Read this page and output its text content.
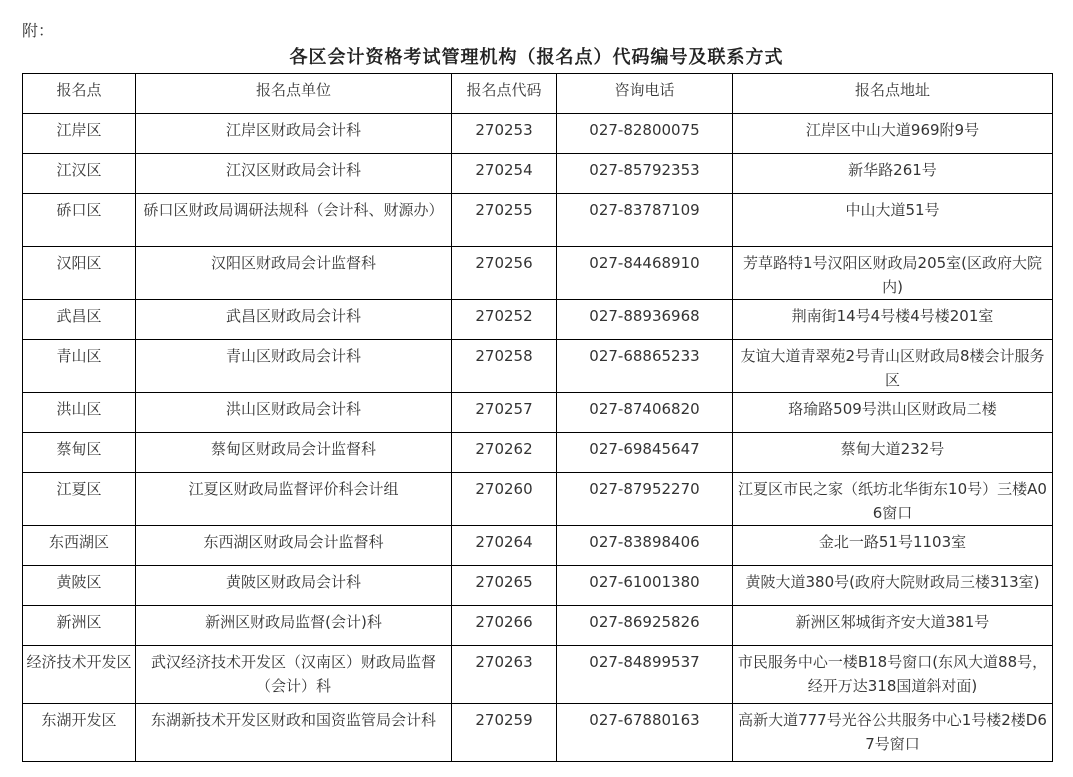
附：
各区会计资格考试管理机构（报名点）代码编号及联系方式
报名点	报名点单位	报名点代码	咨询电话	报名点地址
江岸区	江岸区财政局会计科	270253	027-82800075	江岸区中山大道969附9号
江汉区	江汉区财政局会计科	270254	027-85792353	新华路261号
硚口区	硚口区财政局调研法规科（会计科、财源办）	270255	027-83787109	中山大道51号
汉阳区	汉阳区财政局会计监督科	270256	027-84468910	芳草路特1号汉阳区财政局205室(区政府大院内)
武昌区	武昌区财政局会计科	270252	027-88936968	荆南街14号4号楼4号楼201室
青山区	青山区财政局会计科	270258	027-68865233	友谊大道青翠苑2号青山区财政局8楼会计服务区
洪山区	洪山区财政局会计科	270257	027-87406820	珞瑜路509号洪山区财政局二楼
蔡甸区	蔡甸区财政局会计监督科	270262	027-69845647	蔡甸大道232号
江夏区	江夏区财政局监督评价科会计组	270260	027-87952270	江夏区市民之家（纸坊北华街东10号）三楼A06窗口
东西湖区	东西湖区财政局会计监督科	270264	027-83898406	金北一路51号1103室
黄陂区	黄陂区财政局会计科	270265	027-61001380	黄陂大道380号(政府大院财政局三楼313室)
新洲区	新洲区财政局监督(会计)科	270266	027-86925826	新洲区邾城街齐安大道381号
经济技术开发区	武汉经济技术开发区（汉南区）财政局监督（会计）科	270263	027-84899537	市民服务中心一楼B18号窗口(东风大道88号，经开万达318国道斜对面)
东湖开发区	东湖新技术开发区财政和国资监管局会计科	270259	027-67880163	高新大道777号光谷公共服务中心1号楼2楼D67号窗口
